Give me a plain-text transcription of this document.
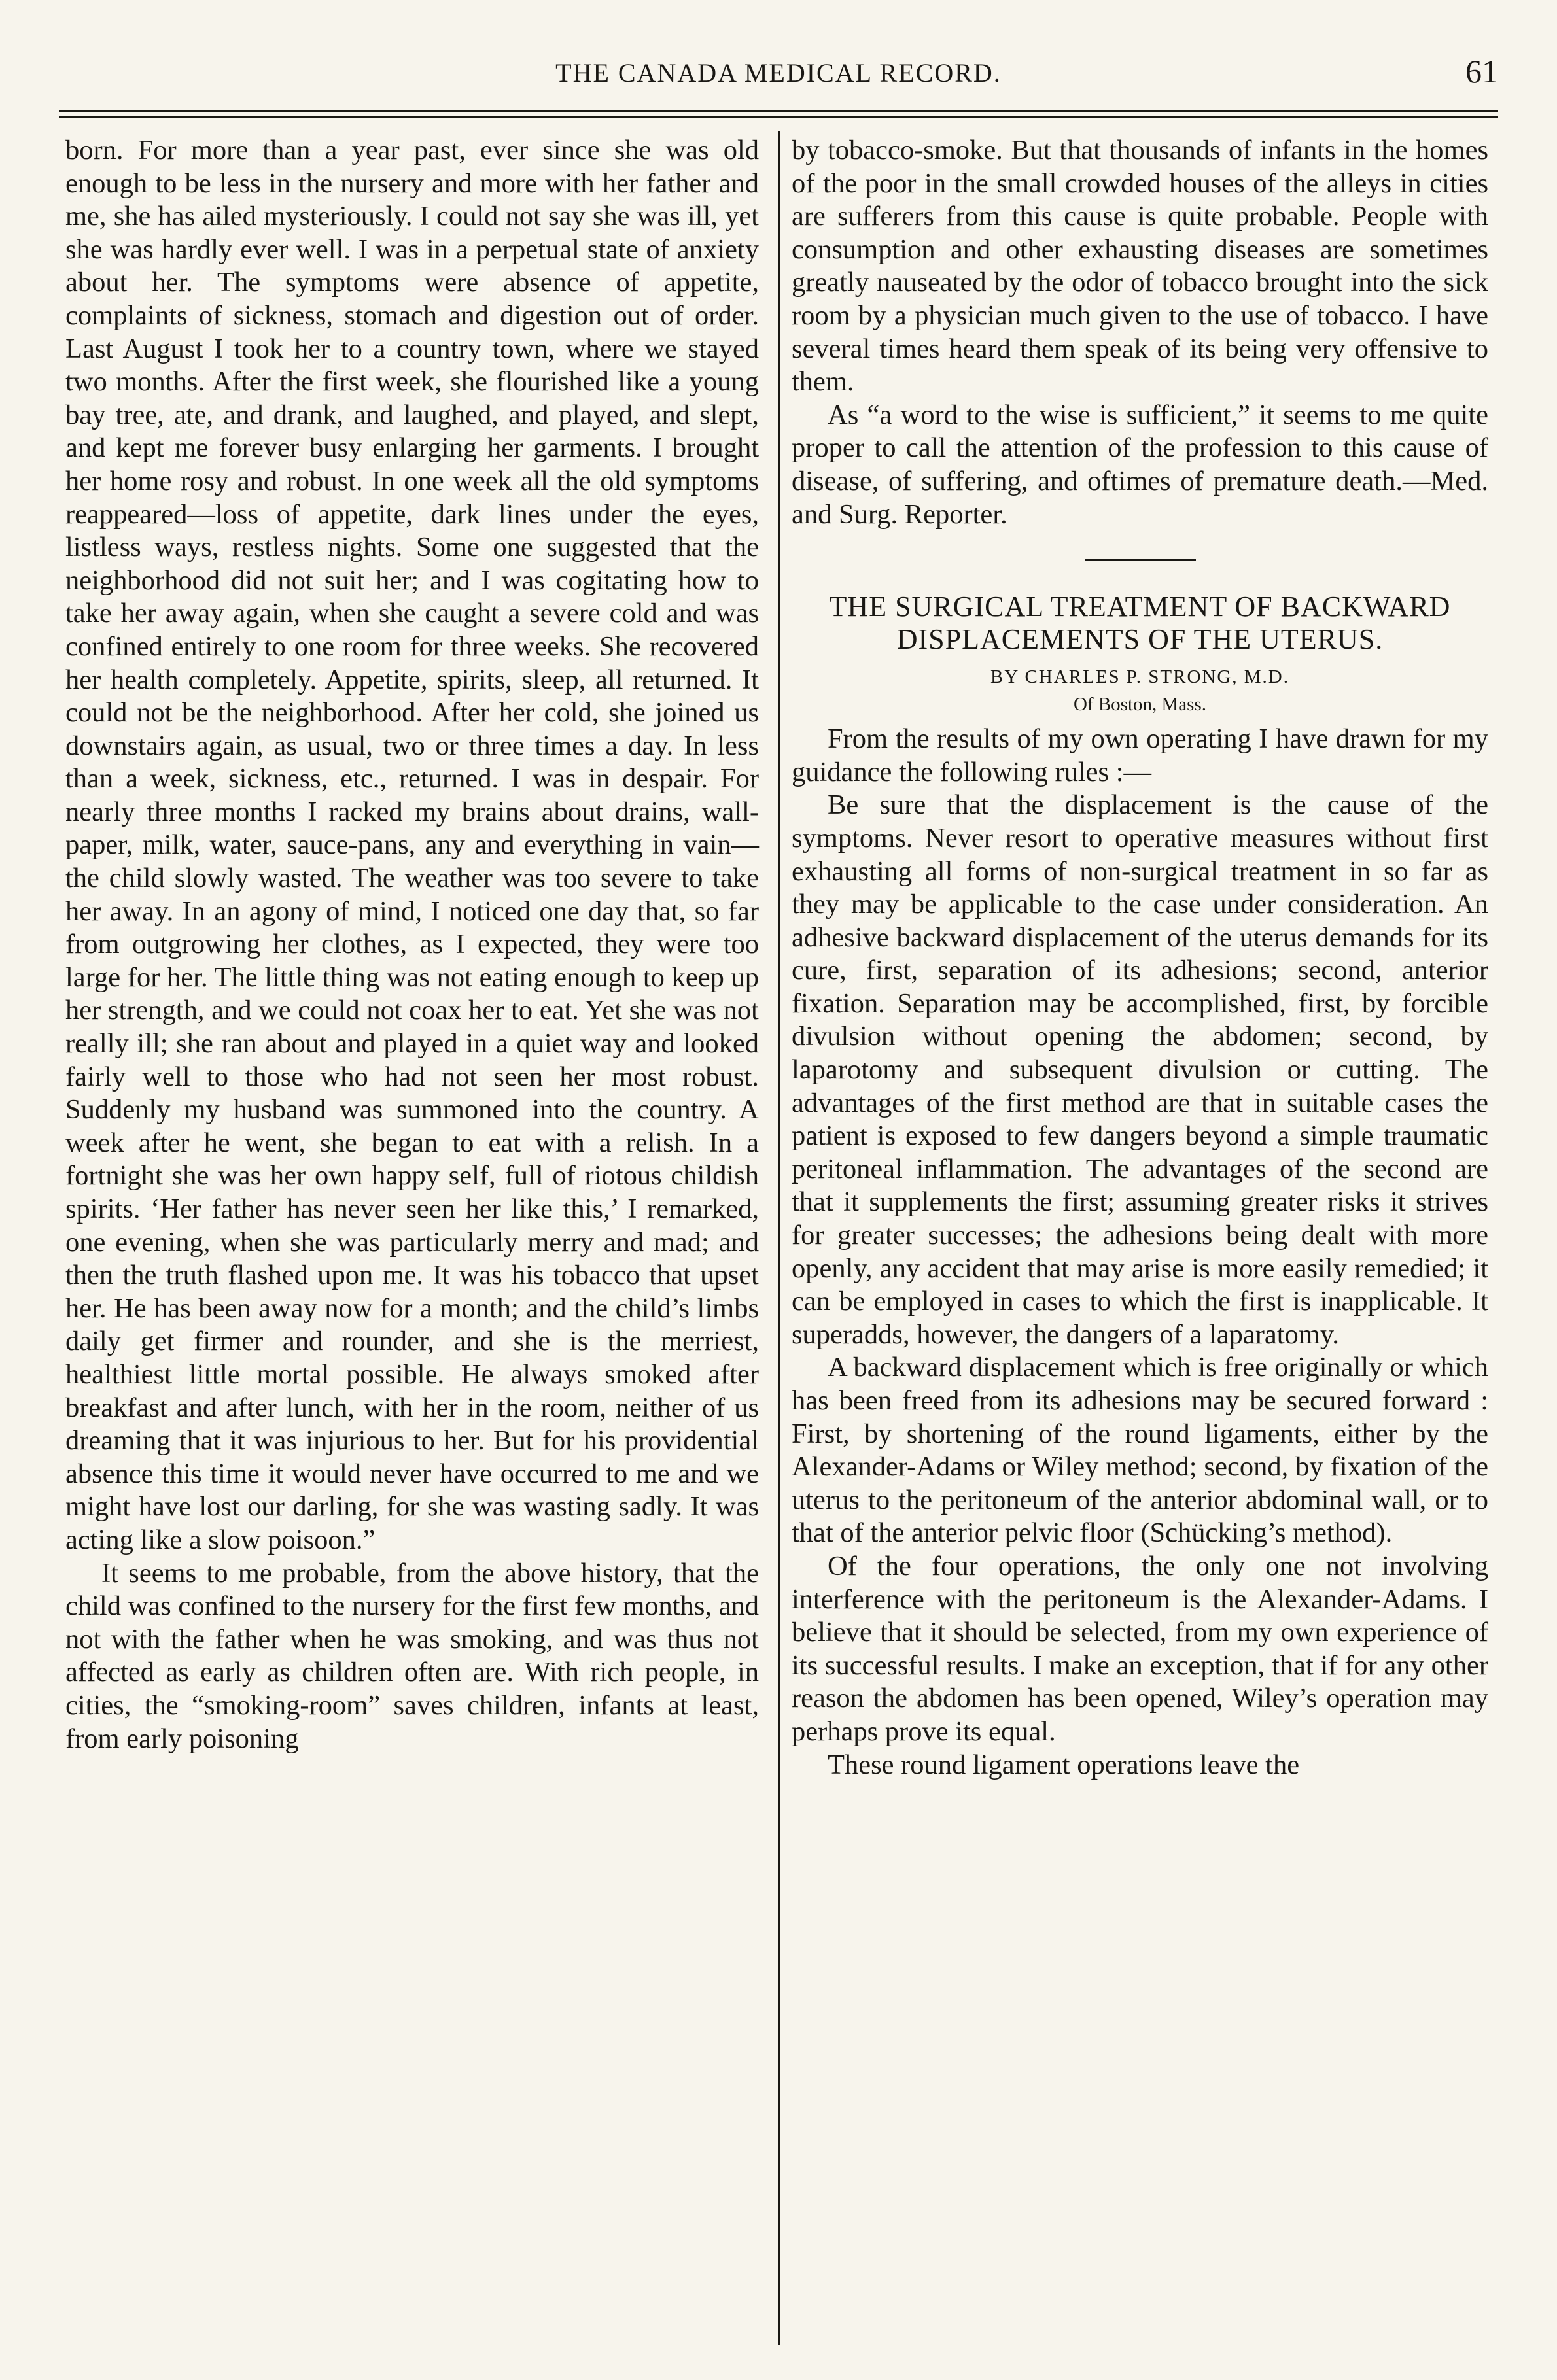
THE CANADA MEDICAL RECORD.	61

born. For more than a year past, ever since she was old enough to be less in the nursery and more with her father and me, she has ailed mysteriously. I could not say she was ill, yet she was hardly ever well. I was in a perpetual state of anxiety about her. The symptoms were absence of appetite, complaints of sickness, stomach and digestion out of order. Last August I took her to a country town, where we stayed two months. After the first week, she flourished like a young bay tree, ate, and drank, and laughed, and played, and slept, and kept me forever busy enlarging her garments. I brought her home rosy and robust. In one week all the old symptoms reappeared—loss of appetite, dark lines under the eyes, listless ways, restless nights. Some one suggested that the neighborhood did not suit her; and I was cogitating how to take her away again, when she caught a severe cold and was confined entirely to one room for three weeks. She recovered her health completely. Appetite, spirits, sleep, all returned. It could not be the neighborhood. After her cold, she joined us downstairs again, as usual, two or three times a day. In less than a week, sickness, etc., returned. I was in despair. For nearly three months I racked my brains about drains, wall-paper, milk, water, sauce-pans, any and everything in vain—the child slowly wasted. The weather was too severe to take her away. In an agony of mind, I noticed one day that, so far from outgrowing her clothes, as I expected, they were too large for her. The little thing was not eating enough to keep up her strength, and we could not coax her to eat. Yet she was not really ill; she ran about and played in a quiet way and looked fairly well to those who had not seen her most robust. Suddenly my husband was summoned into the country. A week after he went, she began to eat with a relish. In a fortnight she was her own happy self, full of riotous childish spirits. ‘Her father has never seen her like this,’ I remarked, one evening, when she was particularly merry and mad; and then the truth flashed upon me. It was his tobacco that upset her. He has been away now for a month; and the child’s limbs daily get firmer and rounder, and she is the merriest, healthiest little mortal possible. He always smoked after breakfast and after lunch, with her in the room, neither of us dreaming that it was injurious to her. But for his providential absence this time it would never have occurred to me and we might have lost our darling, for she was wasting sadly. It was acting like a slow poisoon.”

It seems to me probable, from the above history, that the child was confined to the nursery for the first few months, and not with the father when he was smoking, and was thus not affected as early as children often are. With rich people, in cities, the “smoking-room” saves children, infants at least, from early poisoning

by tobacco-smoke. But that thousands of infants in the homes of the poor in the small crowded houses of the alleys in cities are sufferers from this cause is quite probable. People with consumption and other exhausting diseases are sometimes greatly nauseated by the odor of tobacco brought into the sick room by a physician much given to the use of tobacco. I have several times heard them speak of its being very offensive to them.

As “a word to the wise is sufficient,” it seems to me quite proper to call the attention of the profession to this cause of disease, of suffering, and oftimes of premature death.—Med. and Surg. Reporter.

THE SURGICAL TREATMENT OF BACKWARD DISPLACEMENTS OF THE UTERUS.
BY CHARLES P. STRONG, M.D.
Of Boston, Mass.

From the results of my own operating I have drawn for my guidance the following rules :—

Be sure that the displacement is the cause of the symptoms. Never resort to operative measures without first exhausting all forms of non-surgical treatment in so far as they may be applicable to the case under consideration. An adhesive backward displacement of the uterus demands for its cure, first, separation of its adhesions; second, anterior fixation. Separation may be accomplished, first, by forcible divulsion without opening the abdomen; second, by laparotomy and subsequent divulsion or cutting. The advantages of the first method are that in suitable cases the patient is exposed to few dangers beyond a simple traumatic peritoneal inflammation. The advantages of the second are that it supplements the first; assuming greater risks it strives for greater successes; the adhesions being dealt with more openly, any accident that may arise is more easily remedied; it can be employed in cases to which the first is inapplicable. It superadds, however, the dangers of a laparatomy.

A backward displacement which is free originally or which has been freed from its adhesions may be secured forward : First, by shortening of the round ligaments, either by the Alexander-Adams or Wiley method; second, by fixation of the uterus to the peritoneum of the anterior abdominal wall, or to that of the anterior pelvic floor (Schücking’s method).

Of the four operations, the only one not involving interference with the peritoneum is the Alexander-Adams. I believe that it should be selected, from my own experience of its successful results. I make an exception, that if for any other reason the abdomen has been opened, Wiley’s operation may perhaps prove its equal.

These round ligament operations leave the
